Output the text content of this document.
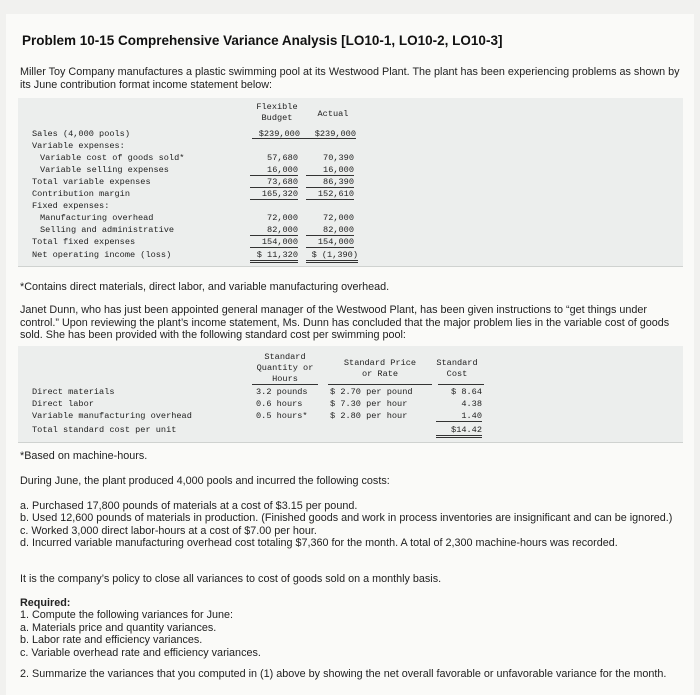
Problem 10-15 Comprehensive Variance Analysis [LO10-1, LO10-2, LO10-3]
Miller Toy Company manufactures a plastic swimming pool at its Westwood Plant. The plant has been experiencing problems as shown by its June contribution format income statement below:
Flexible
Budget	Actual
Sales (4,000 pools)	$239,000	$239,000
Variable expenses:
Variable cost of goods sold*	57,680	70,390
Variable selling expenses	16,000	16,000
Total variable expenses	73,680	86,390
Contribution margin	165,320	152,610
Fixed expenses:
Manufacturing overhead	72,000	72,000
Selling and administrative	82,000	82,000
Total fixed expenses	154,000	154,000
Net operating income (loss)	$ 11,320	$ (1,390)
*Contains direct materials, direct labor, and variable manufacturing overhead.
Janet Dunn, who has just been appointed general manager of the Westwood Plant, has been given instructions to “get things under control.” Upon reviewing the plant’s income statement, Ms. Dunn has concluded that the major problem lies in the variable cost of goods sold. She has been provided with the following standard cost per swimming pool:
Standard
Quantity or
Hours
Standard Price
or Rate
Standard
Cost
Direct materials	3.2 pounds	$ 2.70 per pound	$ 8.64
Direct labor	0.6 hours	$ 7.30 per hour	4.38
Variable manufacturing overhead	0.5 hours*	$ 2.80 per hour	1.40
Total standard cost per unit	$14.42
*Based on machine-hours.
During June, the plant produced 4,000 pools and incurred the following costs:
a. Purchased 17,800 pounds of materials at a cost of $3.15 per pound.
b. Used 12,600 pounds of materials in production. (Finished goods and work in process inventories are insignificant and can be ignored.)
c. Worked 3,000 direct labor-hours at a cost of $7.00 per hour.
d. Incurred variable manufacturing overhead cost totaling $7,360 for the month. A total of 2,300 machine-hours was recorded.
It is the company’s policy to close all variances to cost of goods sold on a monthly basis.
Required:
1. Compute the following variances for June:
a. Materials price and quantity variances.
b. Labor rate and efficiency variances.
c. Variable overhead rate and efficiency variances.
2. Summarize the variances that you computed in (1) above by showing the net overall favorable or unfavorable variance for the month.
